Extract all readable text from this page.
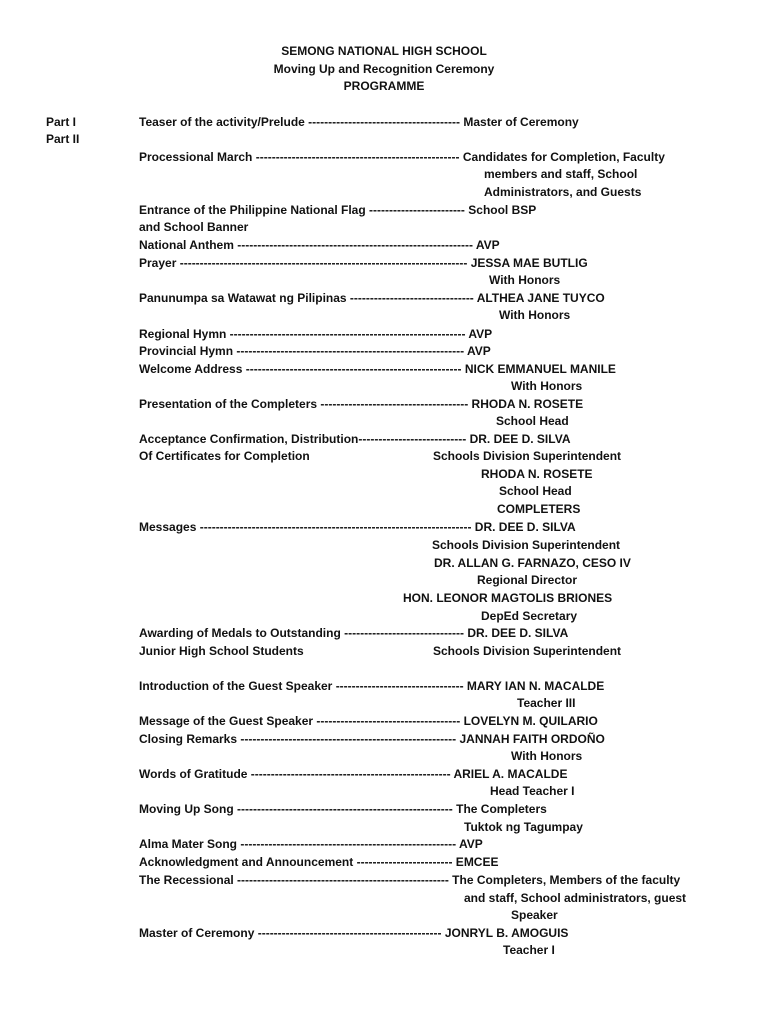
SEMONG NATIONAL HIGH SCHOOL
Moving Up and Recognition Ceremony
PROGRAMME
Part I
Part II
Teaser of the activity/Prelude -------------------------------------- Master of Ceremony
Processional March --------------------------------------------------- Candidates for Completion, Faculty
members and staff, School
Administrators, and Guests
Entrance of the Philippine National Flag ------------------------ School BSP
and School Banner
National Anthem ----------------------------------------------------------- AVP
Prayer ------------------------------------------------------------------------ JESSA MAE BUTLIG
With Honors
Panunumpa sa Watawat ng Pilipinas ------------------------------- ALTHEA JANE TUYCO
With Honors
Regional Hymn ----------------------------------------------------------- AVP
Provincial Hymn --------------------------------------------------------- AVP
Welcome Address ------------------------------------------------------ NICK EMMANUEL MANILE
With Honors
Presentation of the Completers ------------------------------------- RHODA N. ROSETE
School Head
Acceptance Confirmation, Distribution--------------------------- DR. DEE D. SILVA
Of Certificates for Completion	Schools Division Superintendent
RHODA N. ROSETE
School Head
COMPLETERS
Messages -------------------------------------------------------------------- DR. DEE D. SILVA
Schools Division Superintendent
DR. ALLAN G. FARNAZO, CESO IV
Regional Director
HON. LEONOR MAGTOLIS BRIONES
DepEd Secretary
Awarding of Medals to Outstanding ------------------------------ DR. DEE D. SILVA
Junior High School Students	Schools Division Superintendent
Introduction of the Guest Speaker -------------------------------- MARY IAN N. MACALDE
Teacher III
Message of the Guest Speaker ------------------------------------ LOVELYN M. QUILARIO
Closing Remarks ------------------------------------------------------ JANNAH FAITH ORDOÑO
With Honors
Words of Gratitude -------------------------------------------------- ARIEL A. MACALDE
Head Teacher I
Moving Up Song ------------------------------------------------------ The Completers
Tuktok ng Tagumpay
Alma Mater Song ------------------------------------------------------ AVP
Acknowledgment and Announcement ------------------------ EMCEE
The Recessional ----------------------------------------------------- The Completers, Members of the faculty
and staff, School administrators, guest
Speaker
Master of Ceremony ---------------------------------------------- JONRYL B. AMOGUIS
Teacher I
